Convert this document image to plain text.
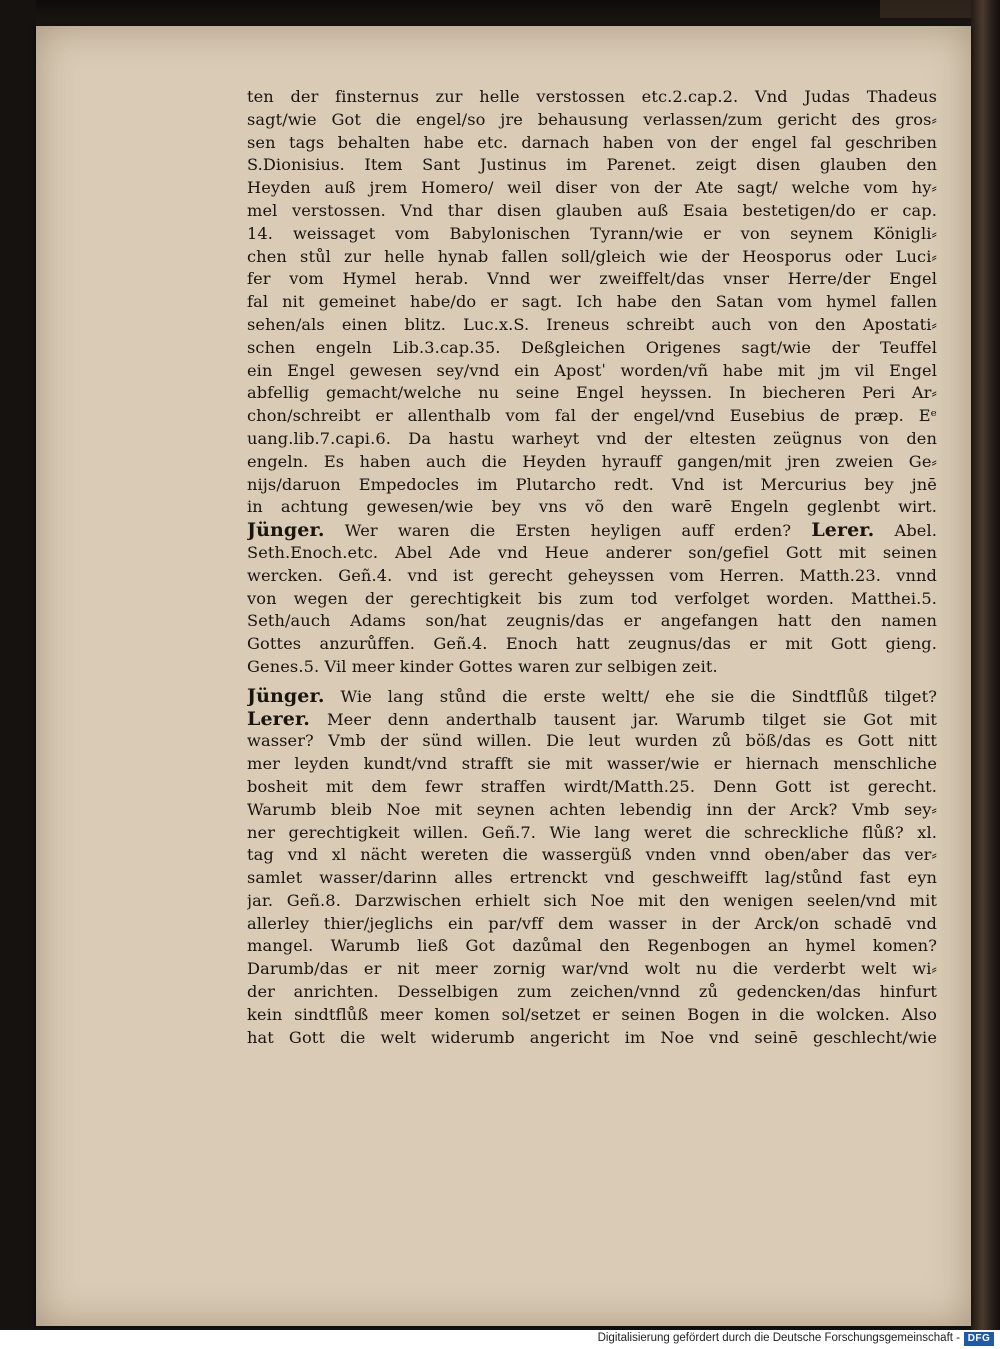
ten der finsternus zur helle verstossen etc.2.cap.2. Vnd Judas Thadeus
sagt/wie Got die engel/so jre behausung verlassen/zum gericht des gros⸗
sen tags behalten habe etc. darnach haben von der engel fal geschriben
S.Dionisius. Item Sant Justinus im Parenet. zeigt disen glauben den
Heyden auß jrem Homero/ weil diser von der Ate sagt/ welche vom hy⸗
mel verstossen. Vnd thar disen glauben auß Esaia bestetigen/do er cap.
14. weissaget vom Babylonischen Tyrann/wie er von seynem Königli⸗
chen stůl zur helle hynab fallen soll/gleich wie der Heosporus oder Luci⸗
fer vom Hymel herab. Vnnd wer zweiffelt/das vnser Herre/der Engel
fal nit gemeinet habe/do er sagt. Ich habe den Satan vom hymel fallen
sehen/als einen blitz. Luc.x.S. Ireneus schreibt auch von den Apostati⸗
schen engeln Lib.3.cap.35. Deßgleichen Origenes sagt/wie der Teuffel
ein Engel gewesen sey/vnd ein Apostˈ worden/vñ habe mit jm vil Engel
abfellig gemacht/welche nu seine Engel heyssen. In biecheren Peri Ar⸗
chon/schreibt er allenthalb vom fal der engel/vnd Eusebius de præp. Eᵉ
uang.lib.7.capi.6. Da hastu warheyt vnd der eltesten zeügnus von den
engeln. Es haben auch die Heyden hyrauff gangen/mit jren zweien Ge⸗
nijs/daruon Empedocles im Plutarcho redt. Vnd ist Mercurius bey jnē
in achtung gewesen/wie bey vns võ den warē Engeln geglenbt wirt.
Jünger. Wer waren die Ersten heyligen auff erden? Lerer. Abel.
Seth.Enoch.etc. Abel Ade vnd Heue anderer son/gefiel Gott mit seinen
wercken. Geñ.4. vnd ist gerecht geheyssen vom Herren. Matth.23. vnnd
von wegen der gerechtigkeit bis zum tod verfolget worden. Matthei.5.
Seth/auch Adams son/hat zeugnis/das er angefangen hatt den namen
Gottes anzurůffen. Geñ.4. Enoch hatt zeugnus/das er mit Gott gieng.
Genes.5. Vil meer kinder Gottes waren zur selbigen zeit.
Jünger. Wie lang stůnd die erste weltt/ ehe sie die Sindtflůß tilget?
Lerer. Meer denn anderthalb tausent jar. Warumb tilget sie Got mit
wasser? Vmb der sünd willen. Die leut wurden zů böß/das es Gott nitt
mer leyden kundt/vnd strafft sie mit wasser/wie er hiernach menschliche
bosheit mit dem fewr straffen wirdt/Matth.25. Denn Gott ist gerecht.
Warumb bleib Noe mit seynen achten lebendig inn der Arck? Vmb sey⸗
ner gerechtigkeit willen. Geñ.7. Wie lang weret die schreckliche flůß? xl.
tag vnd xl nächt wereten die wassergüß vnden vnnd oben/aber das ver⸗
samlet wasser/darinn alles ertrenckt vnd geschweifft lag/stůnd fast eyn
jar. Geñ.8. Darzwischen erhielt sich Noe mit den wenigen seelen/vnd mit
allerley thier/jeglichs ein par/vff dem wasser in der Arck/on schadē vnd
mangel. Warumb ließ Got dazůmal den Regenbogen an hymel komen?
Darumb/das er nit meer zornig war/vnd wolt nu die verderbt welt wi⸗
der anrichten. Desselbigen zum zeichen/vnnd zů gedencken/das hinfurt
kein sindtflůß meer komen sol/setzet er seinen Bogen in die wolcken. Also
hat Gott die welt widerumb angericht im Noe vnd seinē geschlecht/wie
Digitalisierung gefördert durch die Deutsche Forschungsgemeinschaft - DFG
